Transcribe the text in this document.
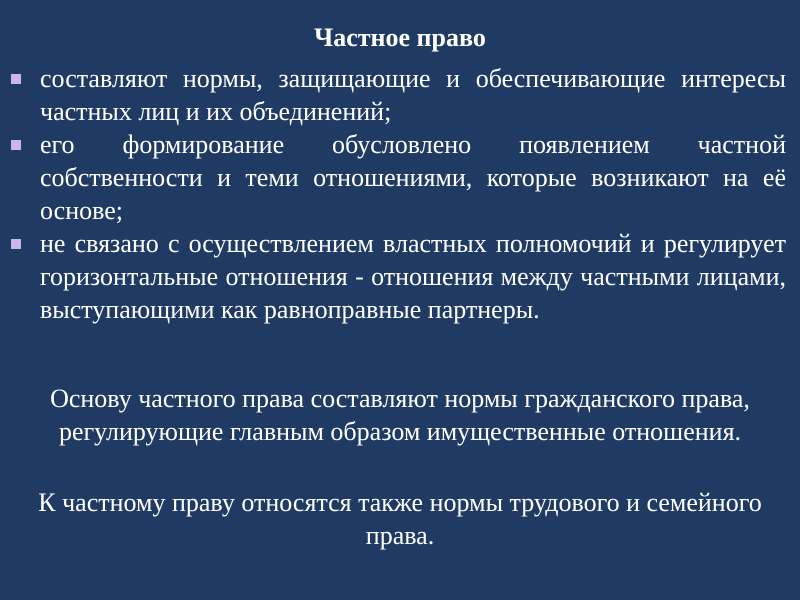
Частное право
составляют нормы, защищающие и обеспечивающие интересы частных лиц и их объединений;
его формирование обусловлено появлением частной собственности и теми отношениями, которые возникают на её основе;
не связано с осуществлением властных полномочий и регулирует горизонтальные отношения - отношения между частными лицами, выступающими как равноправные партнеры.
Основу частного права составляют нормы гражданского права, регулирующие главным образом имущественные отношения.
К частному праву относятся также нормы трудового и семейного права.
